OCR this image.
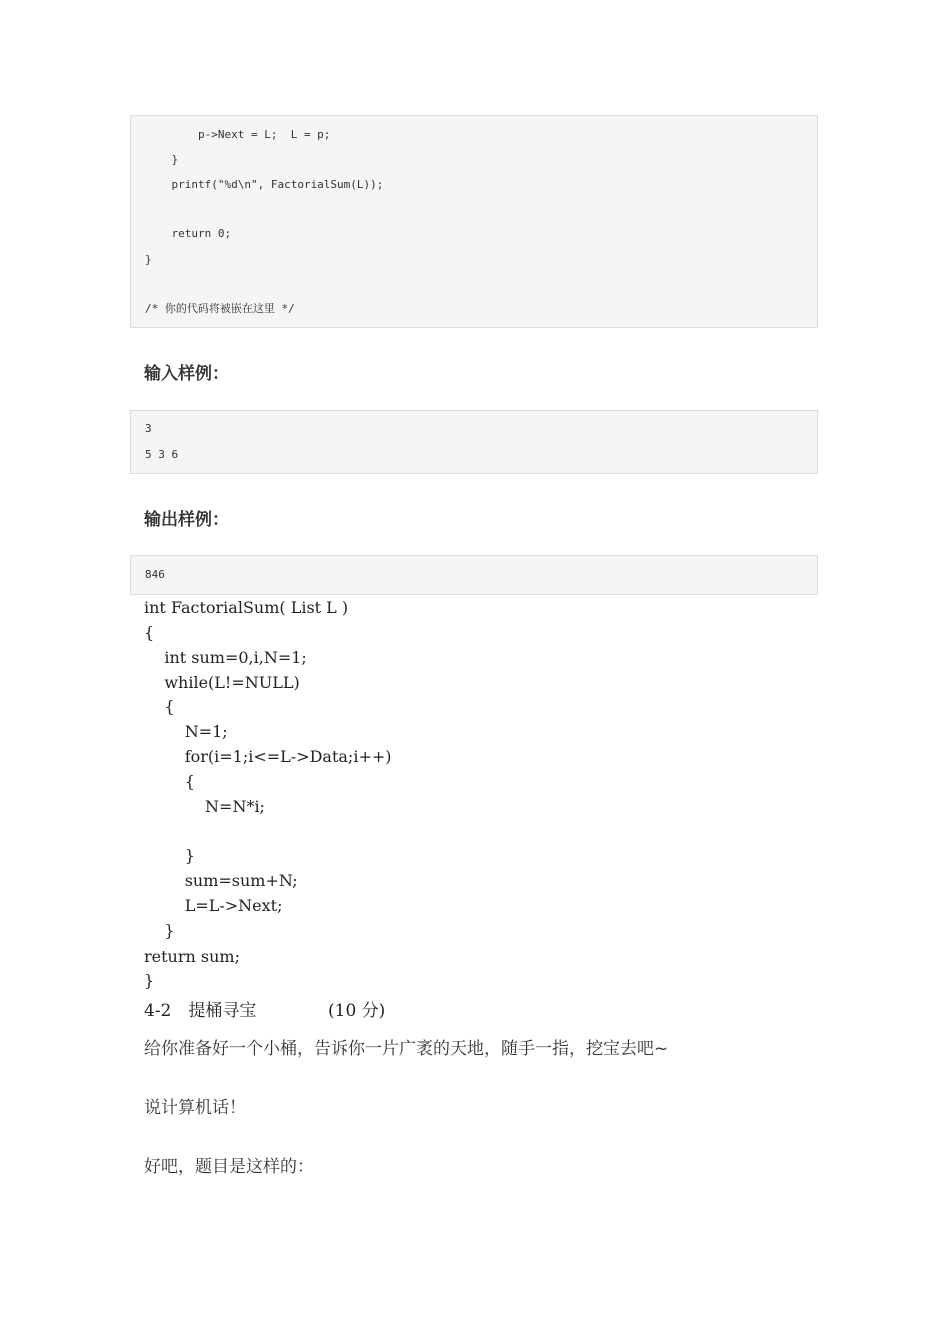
p->Next = L;  L = p;
}
printf("%d\n", FactorialSum(L));
return 0;
}
/* 你的代码将被嵌在这里 */
输入样例：
3
5 3 6
输出样例：
846
int FactorialSum( List L )
{
int sum=0,i,N=1;
while(L!=NULL)
{
N=1;
for(i=1;i<=L->Data;i++)
{
N=N*i;
}
sum=sum+N;
L=L->Next;
}
return sum;
}
4-2　提桶寻宝	(10 分)
给你准备好一个小桶，告诉你一片广袤的天地，随手一指，挖宝去吧~
说计算机话！
好吧，题目是这样的：
